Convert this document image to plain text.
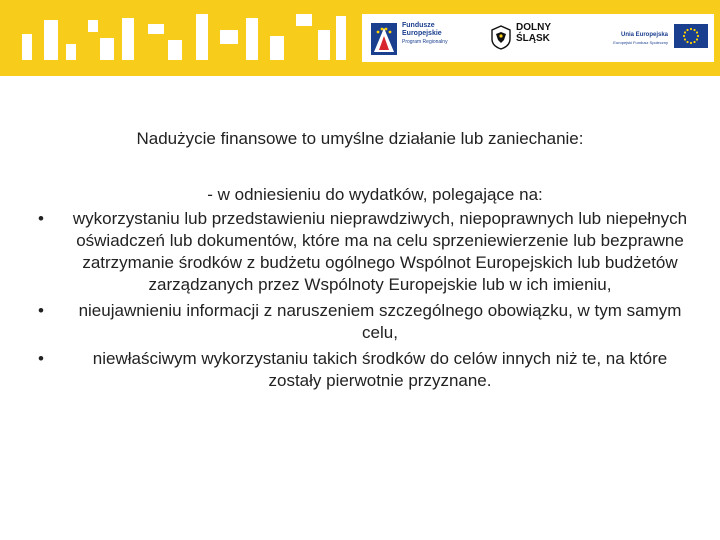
Fundusze
Europejskie
Program Regionalny
DOLNY
ŚLĄSK	Unia Europejska
Europejski Fundusz Społeczny

Nadużycie finansowe to umyślne działanie lub zaniechanie:

- w odniesieniu do wydatków, polegające na:

• wykorzystaniu lub przedstawieniu nieprawdziwych, niepoprawnych lub niepełnych oświadczeń lub dokumentów, które ma na celu sprzeniewierzenie lub bezprawne zatrzymanie środków z budżetu ogólnego Wspólnot Europejskich lub budżetów zarządzanych przez Wspólnoty Europejskie lub w ich imieniu,
• nieujawnieniu informacji z naruszeniem szczególnego obowiązku, w tym samym celu,
•	niewłaściwym wykorzystaniu takich środków do celów innych niż te, na które zostały pierwotnie przyznane.
